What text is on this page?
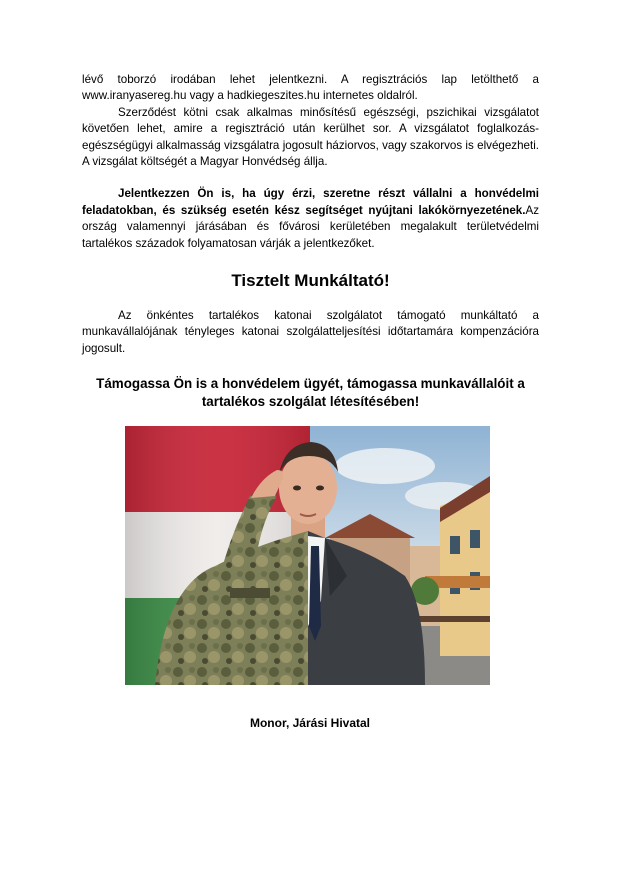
lévő toborzó irodában lehet jelentkezni. A regisztrációs lap letölthető a www.iranyasereg.hu vagy a hadkiegeszites.hu internetes oldalról.

Szerződést kötni csak alkalmas minősítésű egészségi, pszichikai vizsgálatot követően lehet, amire a regisztráció után kerülhet sor. A vizsgálatot foglalkozás-egészségügyi alkalmasság vizsgálatra jogosult háziorvos, vagy szakorvos is elvégezheti. A vizsgálat költségét a Magyar Honvédség állja.

Jelentkezzen Ön is, ha úgy érzi, szeretne részt vállalni a honvédelmi feladatokban, és szükség esetén kész segítséget nyújtani lakókörnyezetének.Az ország valamennyi járásában és fővárosi kerületében megalakult területvédelmi tartalékos századok folyamatosan várják a jelentkezőket.

Tisztelt Munkáltató!

Az önkéntes tartalékos katonai szolgálatot támogató munkáltató a munkavállalójának tényleges katonai szolgálatteljesítési időtartamára kompenzációra jogosult.

Támogassa Ön is a honvédelem ügyét, támogassa munkavállalóit a

tartalékos szolgálat létesítésében!

Monor, Járási Hivatal
